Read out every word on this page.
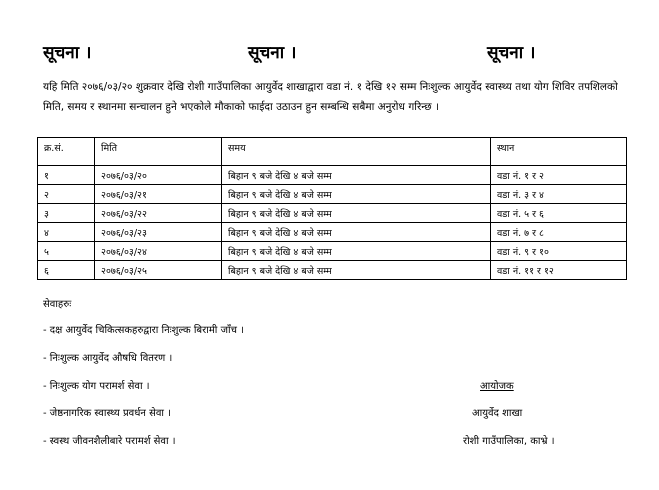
सूचना ।	सूचना ।	सूचना ।
यहि मिति २०७६/०३/२० शुक्रवार देखि रोशी गाउँपालिका आयुर्वेद शाखाद्वारा वडा नं. १ देखि १२ सम्म निःशुल्क आयुर्वेद स्वास्थ्य तथा योग शिविर तपशिलको मिति, समय र स्थानमा सन्चालन हुने भएकोले मौकाको फाईदा उठाउन हुन सम्बन्धि सबैमा अनुरोध गरिन्छ ।
क्र.सं.	मिति	समय	स्थान
१	२०७६/०३/२०	बिहान ९ बजे देखि ४ बजे सम्म	वडा नं. १ र २
२	२०७६/०३/२१	बिहान ९ बजे देखि ४ बजे सम्म	वडा नं. ३ र ४
३	२०७६/०३/२२	बिहान ९ बजे देखि ४ बजे सम्म	वडा नं. ५ र ६
४	२०७६/०३/२३	बिहान ९ बजे देखि ४ बजे सम्म	वडा नं. ७ र ८
५	२०७६/०३/२४	बिहान ९ बजे देखि ४ बजे सम्म	वडा नं. ९ र १०
६	२०७६/०३/२५	बिहान ९ बजे देखि ४ बजे सम्म	वडा नं. ११ र १२
सेवाहरुः
- दक्ष आयुर्वेद चिकित्सकहरुद्वारा निःशुल्क बिरामी जाँच ।
- निःशुल्क आयुर्वेद औषधि वितरण ।
- निःशुल्क योग परामर्श सेवा ।
- जेष्ठनागरिक स्वास्थ्य प्रवर्धन सेवा ।
- स्वस्थ जीवनशैलीबारे परामर्श सेवा ।
आयोजक
आयुर्वेद शाखा
रोशी गाउँपालिका, काभ्रे ।
